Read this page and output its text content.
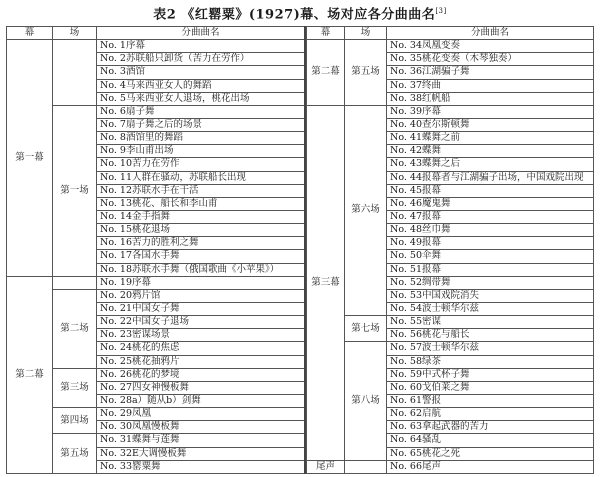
表2 《红罂粟》(1927)幕、场对应各分曲曲名[3]
幕	场	分曲曲名
第一幕		No. 1序幕
		No. 2苏联船只卸货（苦力在劳作）
		No. 3酒馆
		No. 4马来西亚女人的舞蹈
		No. 5马来西亚女人退场，桃花出场
	第一场	No. 6扇子舞
		No. 7扇子舞之后的场景
		No. 8酒馆里的舞蹈
		No. 9李山甫出场
		No. 10苦力在劳作
		No. 11人群在骚动，苏联船长出现
		No. 12苏联水手在干活
		No. 13桃花、船长和李山甫
		No. 14金手指舞
		No. 15桃花退场
		No. 16苦力的胜利之舞
		No. 17各国水手舞
		No. 18苏联水手舞（俄国歌曲《小苹果》）
第二幕		No. 19序幕
	第二场	No. 20鸦片馆
		No. 21中国女子舞
		No. 22中国女子退场
		No. 23密谋场景
		No. 24桃花的焦虑
		No. 25桃花抽鸦片
	第三场	No. 26桃花的梦境
		No. 27四女神慢板舞
		No. 28a）随从b）剑舞
	第四场	No. 29凤凰
		No. 30凤凰慢板舞
	第五场	No. 31蝶舞与莲舞
		No. 32E大调慢板舞
		No. 33罂粟舞
幕	场	分曲曲名
第二幕	第五场	No. 34凤凰变奏
		No. 35桃花变奏（木琴独奏）
		No. 36江湖骗子舞
		No. 37终曲
		No. 38红帆船
第三幕	第六场	No. 39序幕
		No. 40查尔斯顿舞
		No. 41蝶舞之前
		No. 42蝶舞
		No. 43蝶舞之后
		No. 44报幕者与江湖骗子出场，中国戏院出现
		No. 45报幕
		No. 46魔鬼舞
		No. 47报幕
		No. 48丝巾舞
		No. 49报幕
		No. 50伞舞
		No. 51报幕
		No. 52绸带舞
		No. 53中国戏院消失
		No. 54波士顿华尔兹
	第七场	No. 55密谋
		No. 56桃花与船长
	第八场	No. 57波士顿华尔兹
		No. 58绿茶
		No. 59中式杯子舞
		No. 60戈伯莱之舞
		No. 61警报
		No. 62启航
		No. 63拿起武器的苦力
		No. 64骚乱
		No. 65桃花之死
尾声		No. 66尾声
